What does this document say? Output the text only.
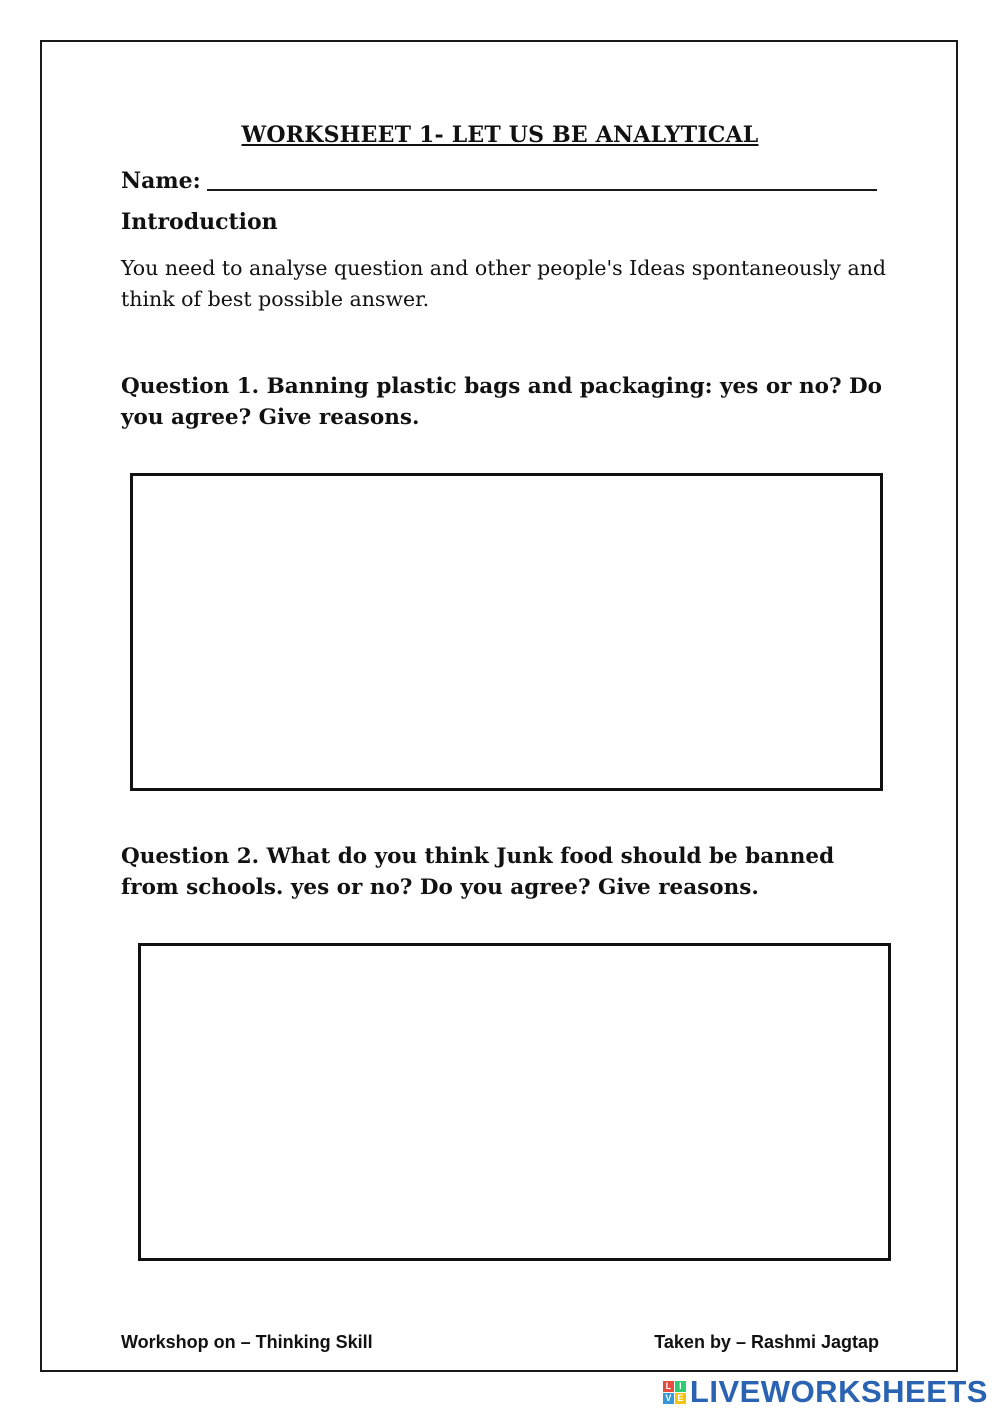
WORKSHEET 1- LET US BE ANALYTICAL
Name:
Introduction
You need to analyse question and other people's Ideas spontaneously and think of best possible answer.
Question 1. Banning plastic bags and packaging: yes or no? Do you agree? Give reasons.
Question 2. What do you think Junk food should be banned from schools. yes or no? Do you agree? Give reasons.
Workshop on – Thinking Skill	Taken by – Rashmi Jagtap
L I
V E LIVEWORKSHEETS
